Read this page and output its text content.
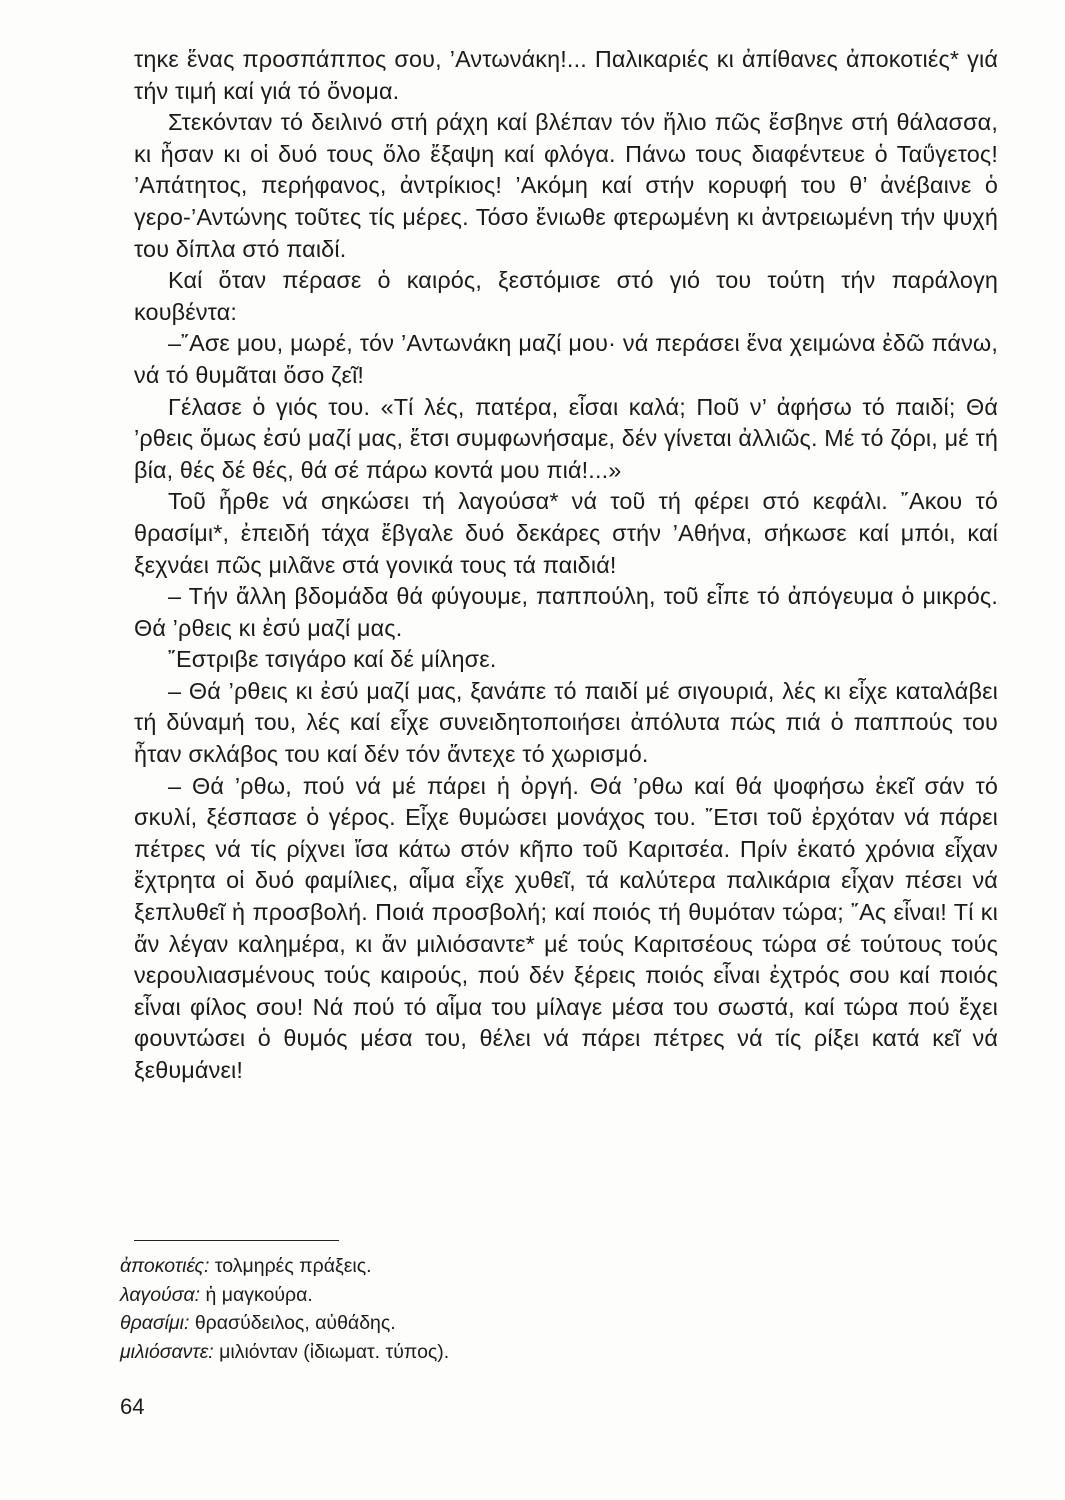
τηκε ἕνας προσπάππος σου, ’Αντωνάκη!... Παλικαριές κι ἀπίθανες ἀποκοτιές* γιά τήν τιμή καί γιά τό ὄνομα.

Στεκόνταν τό δειλινό στή ράχη καί βλέπαν τόν ἥλιο πῶς ἔσβηνε στή θάλασσα, κι ἦσαν κι οἱ δυό τους ὅλο ἔξαψη καί φλόγα. Πάνω τους διαφέντευε ὁ Ταΰγετος! ’Απάτητος, περήφανος, ἀντρίκιος! ’Ακόμη καί στήν κορυφή του θ’ ἀνέβαινε ὁ γερο-’Αντώνης τοῦτες τίς μέρες. Τόσο ἔνιωθε φτερωμένη κι ἀντρειωμένη τήν ψυχή του δίπλα στό παιδί.

Καί ὅταν πέρασε ὁ καιρός, ξεστόμισε στό γιό του τούτη τήν παράλογη κουβέντα:

–῎Ασε μου, μωρέ, τόν ’Αντωνάκη μαζί μου· νά περάσει ἕνα χειμώνα ἐδῶ πάνω, νά τό θυμᾶται ὅσο ζεῖ!

Γέλασε ὁ γιός του. «Τί λές, πατέρα, εἶσαι καλά; Ποῦ ν’ ἀφήσω τό παιδί; Θά ’ρθεις ὅμως ἐσύ μαζί μας, ἔτσι συμφωνήσαμε, δέν γίνεται ἀλλιῶς. Μέ τό ζόρι, μέ τή βία, θές δέ θές, θά σέ πάρω κοντά μου πιά!...»

Τοῦ ἦρθε νά σηκώσει τή λαγούσα* νά τοῦ τή φέρει στό κεφάλι. ῎Ακου τό θρασίμι*, ἐπειδή τάχα ἔβγαλε δυό δεκάρες στήν ’Αθήνα, σήκωσε καί μπόι, καί ξεχνάει πῶς μιλᾶνε στά γονικά τους τά παιδιά!

– Τήν ἄλλη βδομάδα θά φύγουμε, παππούλη, τοῦ εἶπε τό ἀπόγευμα ὁ μικρός. Θά ’ρθεις κι ἐσύ μαζί μας.

῎Εστριβε τσιγάρο καί δέ μίλησε.

– Θά ’ρθεις κι ἐσύ μαζί μας, ξανάπε τό παιδί μέ σιγουριά, λές κι εἶχε καταλάβει τή δύναμή του, λές καί εἶχε συνειδητοποιήσει ἀπόλυτα πώς πιά ὁ παππούς του ἦταν σκλάβος του καί δέν τόν ἄντεχε τό χωρισμό.

– Θά ’ρθω, πού νά μέ πάρει ἡ ὀργή. Θά ’ρθω καί θά ψοφήσω ἐκεῖ σάν τό σκυλί, ξέσπασε ὁ γέρος. Εἶχε θυμώσει μονάχος του. ῎Ετσι τοῦ ἐρχόταν νά πάρει πέτρες νά τίς ρίχνει ἴσα κάτω στόν κῆπο τοῦ Καριτσέα. Πρίν ἑκατό χρόνια εἶχαν ἔχτρητα οἱ δυό φαμίλιες, αἷμα εἶχε χυθεῖ, τά καλύτερα παλικάρια εἶχαν πέσει νά ξεπλυθεῖ ἡ προσβολή. Ποιά προσβολή; καί ποιός τή θυμόταν τώρα; ῎Ας εἶναι! Τί κι ἄν λέγαν καλημέρα, κι ἄν μιλιόσαντε* μέ τούς Καριτσέους τώρα σέ τούτους τούς νερουλιασμένους τούς καιρούς, πού δέν ξέρεις ποιός εἶναι ἐχτρός σου καί ποιός εἶναι φίλος σου! Νά πού τό αἷμα του μίλαγε μέσα του σωστά, καί τώρα πού ἔχει φουντώσει ὁ θυμός μέσα του, θέλει νά πάρει πέτρες νά τίς ρίξει κατά κεῖ νά ξεθυμάνει!

ἀποκοτιές: τολμηρές πράξεις.

λαγούσα: ἡ μαγκούρα.

θρασίμι: θρασύδειλος, αὐθάδης.

μιλιόσαντε: μιλιόνταν (ἰδιωματ. τύπος).

64
